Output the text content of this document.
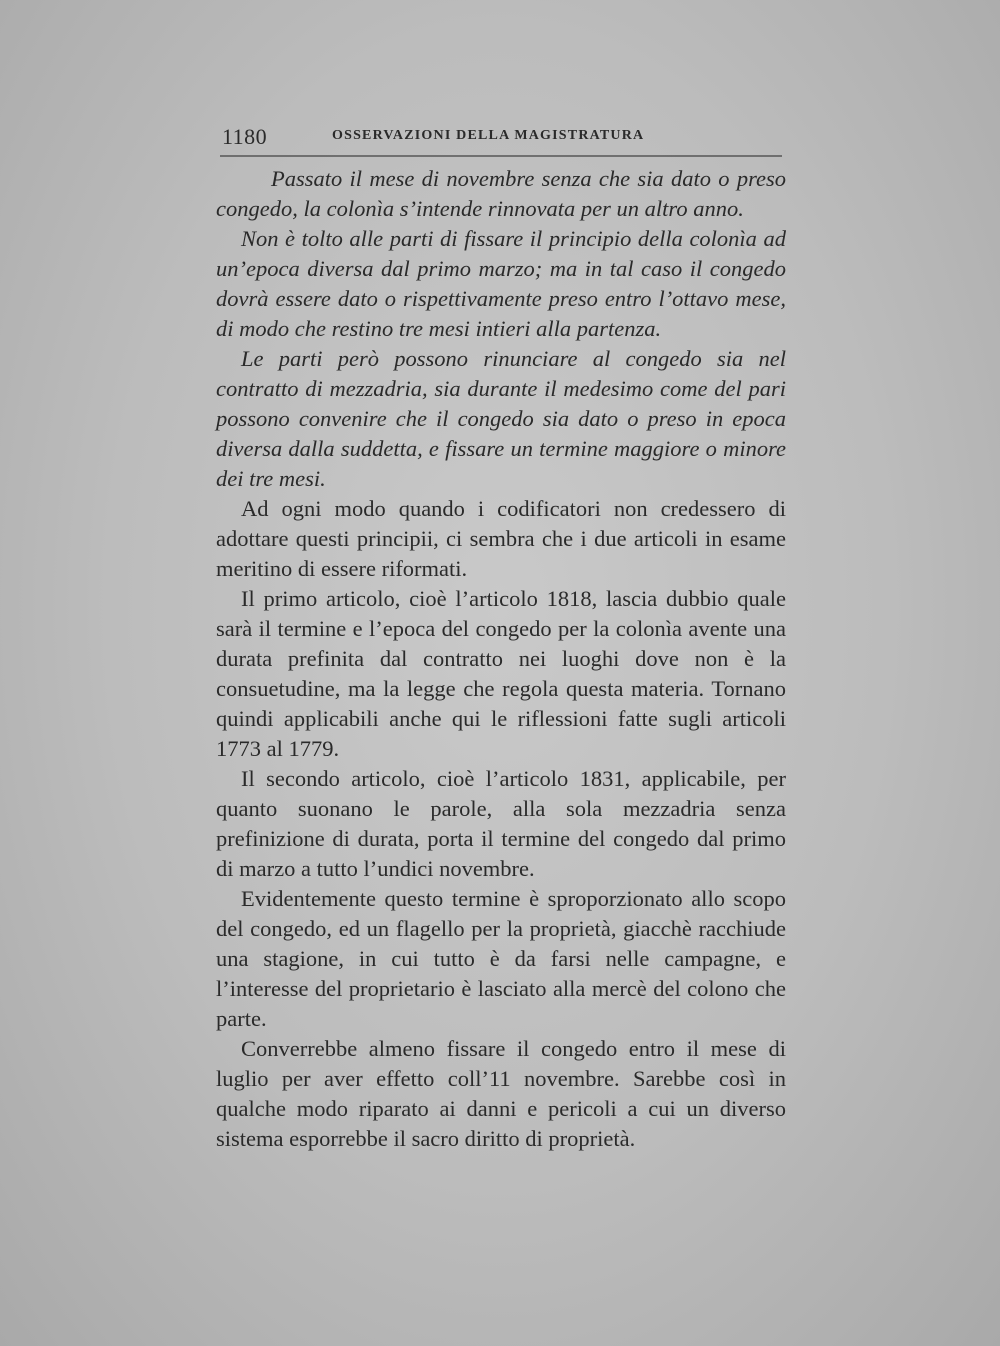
1180	OSSERVAZIONI DELLA MAGISTRATURA

Passato il mese di novembre senza che sia dato o preso congedo, la colonìa s’intende rinnovata per un altro anno.

Non è tolto alle parti di fissare il principio della colonìa ad un’epoca diversa dal primo marzo; ma in tal caso il congedo dovrà essere dato o rispettivamente preso entro l’ottavo mese, di modo che restino tre mesi intieri alla partenza.

Le parti però possono rinunciare al congedo sia nel contratto di mezzadria, sia durante il medesimo come del pari possono convenire che il congedo sia dato o preso in epoca diversa dalla suddetta, e fissare un termine maggiore o minore dei tre mesi.

Ad ogni modo quando i codificatori non credessero di adottare questi principii, ci sembra che i due articoli in esame meritino di essere riformati.

Il primo articolo, cioè l’articolo 1818, lascia dubbio quale sarà il termine e l’epoca del congedo per la colonìa avente una durata prefinita dal contratto nei luoghi dove non è la consuetudine, ma la legge che regola questa materia. Tornano quindi applicabili anche qui le riflessioni fatte sugli articoli 1773 al 1779.

Il secondo articolo, cioè l’articolo 1831, applicabile, per quanto suonano le parole, alla sola mezzadria senza prefinizione di durata, porta il termine del congedo dal primo di marzo a tutto l’undici novembre.

Evidentemente questo termine è sproporzionato allo scopo del congedo, ed un flagello per la proprietà, giacchè racchiude una stagione, in cui tutto è da farsi nelle campagne, e l’interesse del proprietario è lasciato alla mercè del colono che parte.

Converrebbe almeno fissare il congedo entro il mese di luglio per aver effetto coll’11 novembre. Sarebbe così in qualche modo riparato ai danni e pericoli a cui un diverso sistema esporrebbe il sacro diritto di proprietà.
